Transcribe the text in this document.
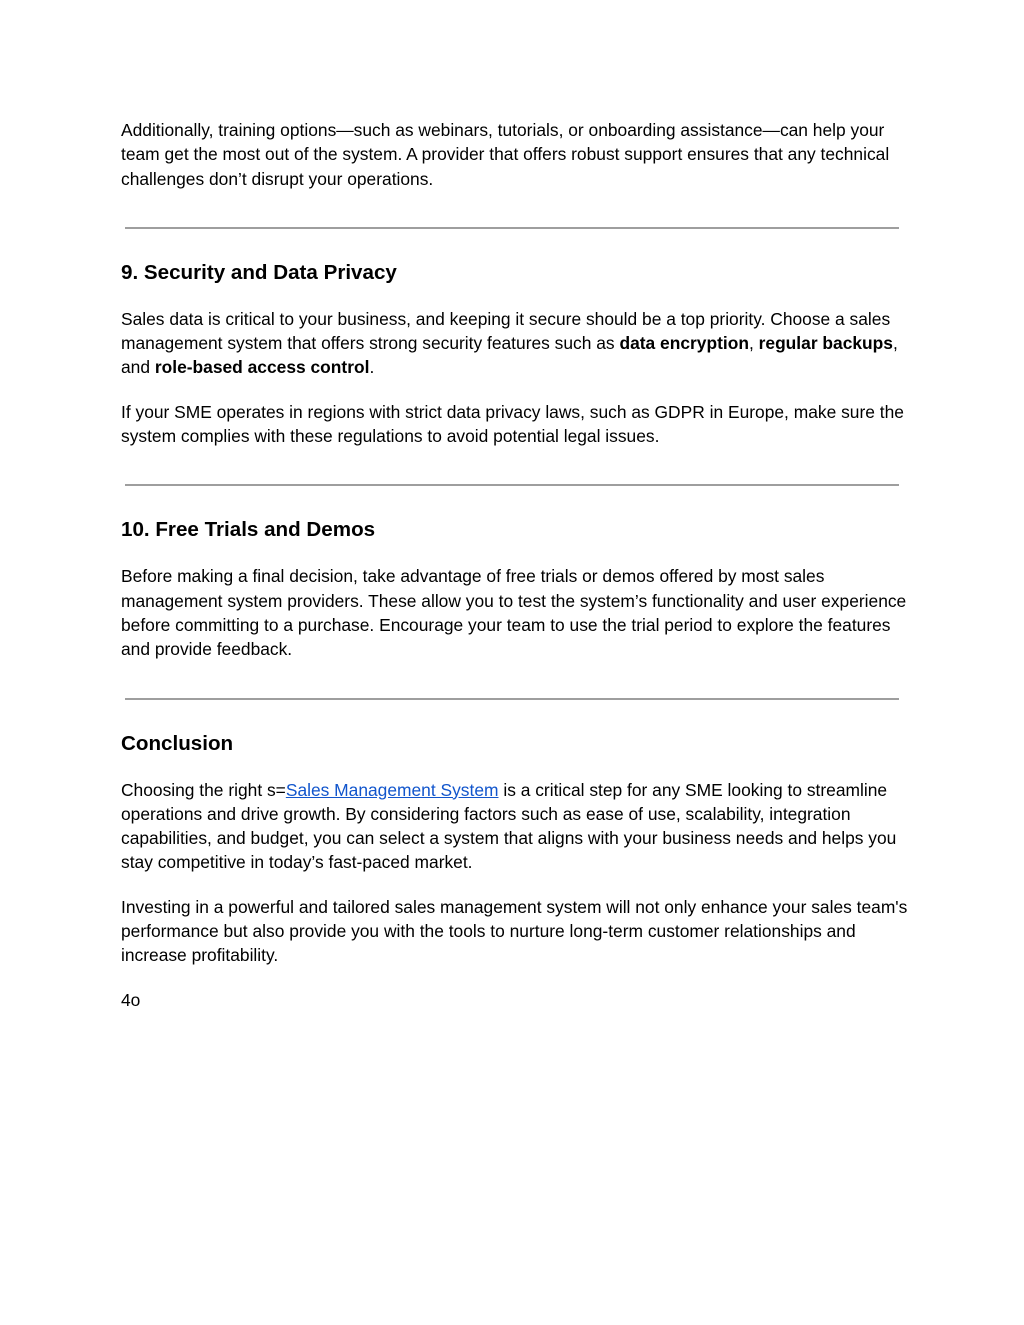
Additionally, training options—such as webinars, tutorials, or onboarding assistance—can help your team get the most out of the system. A provider that offers robust support ensures that any technical challenges don’t disrupt your operations.

9. Security and Data Privacy

Sales data is critical to your business, and keeping it secure should be a top priority. Choose a sales management system that offers strong security features such as data encryption, regular backups, and role-based access control.

If your SME operates in regions with strict data privacy laws, such as GDPR in Europe, make sure the system complies with these regulations to avoid potential legal issues.

10. Free Trials and Demos

Before making a final decision, take advantage of free trials or demos offered by most sales management system providers. These allow you to test the system’s functionality and user experience before committing to a purchase. Encourage your team to use the trial period to explore the features and provide feedback.

Conclusion

Choosing the right s=Sales Management System is a critical step for any SME looking to streamline operations and drive growth. By considering factors such as ease of use, scalability, integration capabilities, and budget, you can select a system that aligns with your business needs and helps you stay competitive in today’s fast-paced market.

Investing in a powerful and tailored sales management system will not only enhance your sales team's performance but also provide you with the tools to nurture long-term customer relationships and increase profitability.

4o
